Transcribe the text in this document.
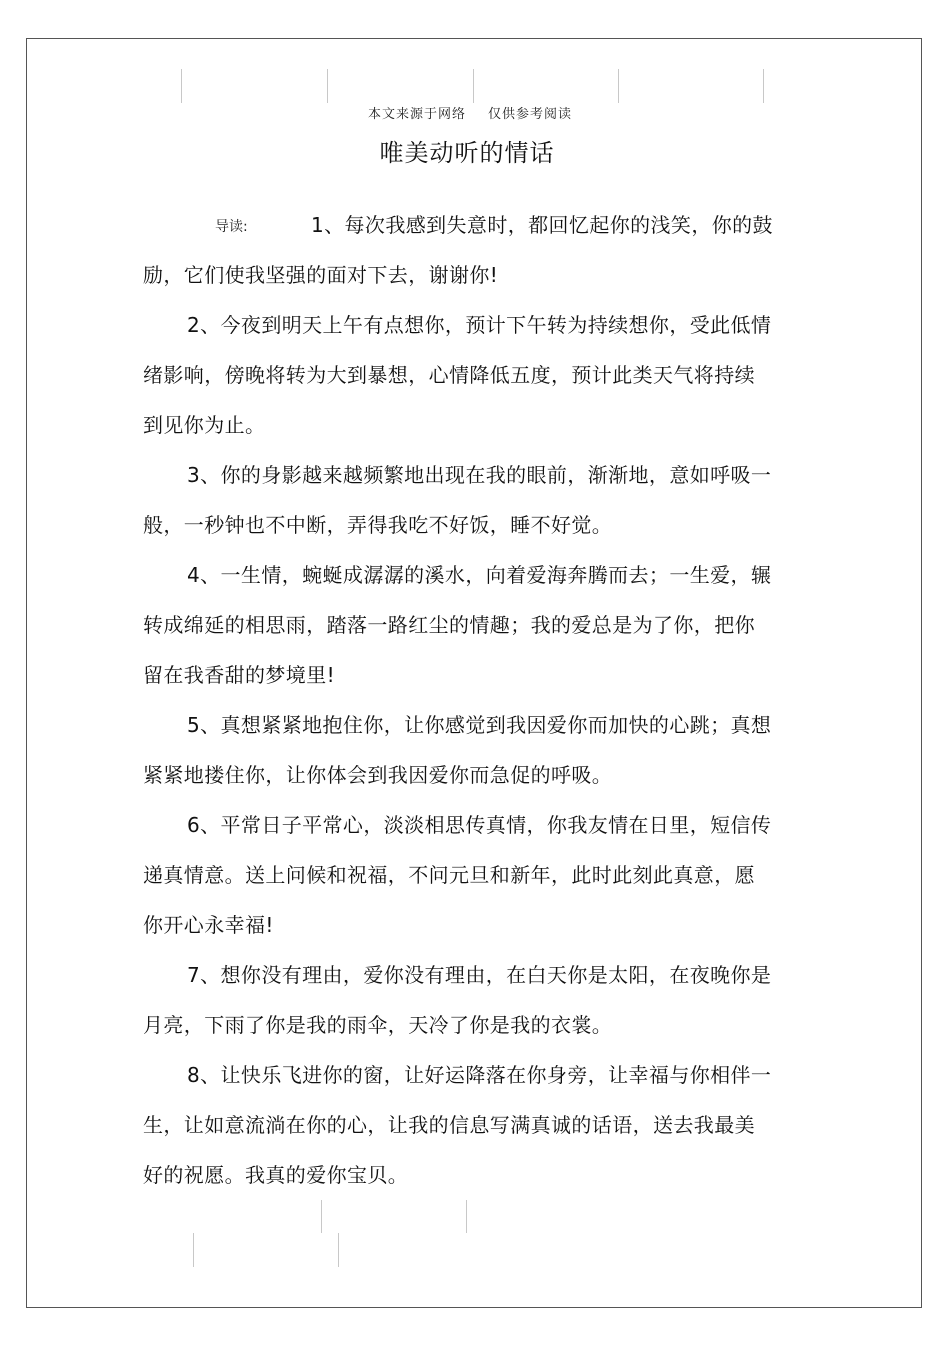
本文来源于网络 仅供参考阅读
唯美动听的情话
导读:	1、每次我感到失意时，都回忆起你的浅笑，你的鼓励，它们使我坚强的面对下去，谢谢你!

2、今夜到明天上午有点想你，预计下午转为持续想你，受此低情绪影响，傍晚将转为大到暴想，心情降低五度，预计此类天气将持续到见你为止。

3、你的身影越来越频繁地出现在我的眼前，渐渐地，意如呼吸一般，一秒钟也不中断，弄得我吃不好饭，睡不好觉。

4、一生情，蜿蜒成潺潺的溪水，向着爱海奔腾而去；一生爱，辗转成绵延的相思雨，踏落一路红尘的情趣；我的爱总是为了你，把你留在我香甜的梦境里!

5、真想紧紧地抱住你，让你感觉到我因爱你而加快的心跳；真想紧紧地搂住你，让你体会到我因爱你而急促的呼吸。

6、平常日子平常心，淡淡相思传真情，你我友情在日里，短信传递真情意。送上问候和祝福，不问元旦和新年，此时此刻此真意，愿你开心永幸福!

7、想你没有理由，爱你没有理由，在白天你是太阳，在夜晚你是月亮，下雨了你是我的雨伞，天冷了你是我的衣裳。

8、让快乐飞进你的窗，让好运降落在你身旁，让幸福与你相伴一生，让如意流淌在你的心，让我的信息写满真诚的话语，送去我最美好的祝愿。我真的爱你宝贝。
